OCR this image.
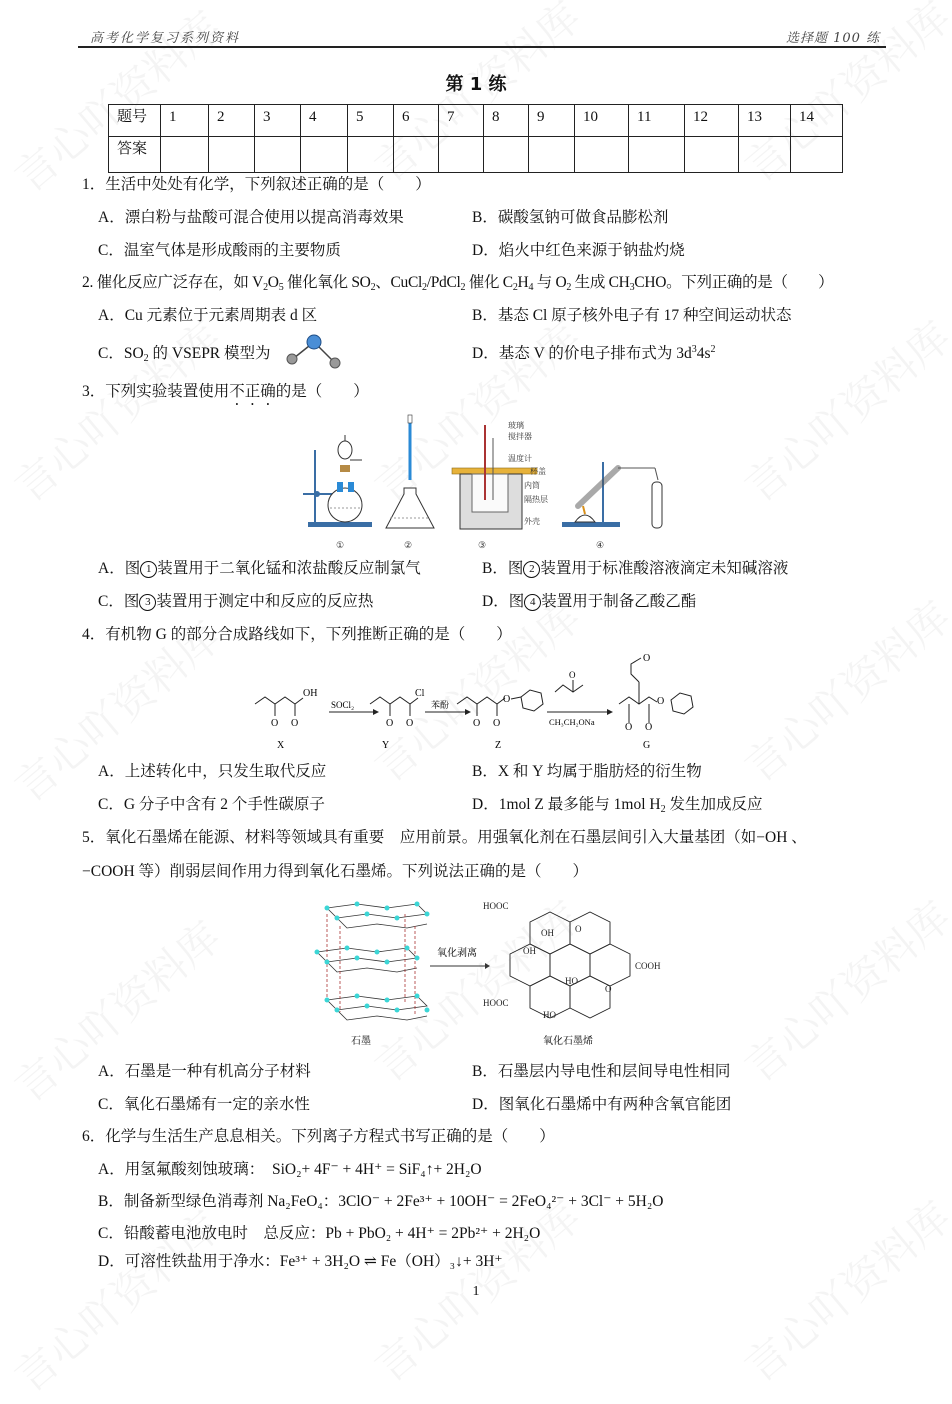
高考化学复习系列资料	选择题 100 练
第 1 练
题号	1	2	3	4	5	6	7	8	9	10	11	12	13	14
答案														
1．生活中处处有化学，下列叙述正确的是（　　）
A．漂白粉与盐酸可混合使用以提高消毒效果	B．碳酸氢钠可做食品膨松剂
C．温室气体是形成酸雨的主要物质	D．焰火中红色来源于钠盐灼烧
2. 催化反应广泛存在，如 $V_2O_5$ 催化氧化 $SO_2$、CuCl$_2$/PdCl$_2$ 催化 $C_2H_4$ 与 $O_2$ 生成 $CH_3CHO$。下列正确的是（　　）
A．Cu 元素位于元素周期表 d 区	B．基态 Cl 原子核外电子有 17 种空间运动状态
C．$SO_2$ 的 VSEPR 模型为	D．基态 V 的价电子排布式为 $3d^34s^2$
3．下列实验装置使用不正确的是（　　）
①	②	③
玻璃
搅拌器
温度计
杯盖
内筒
隔热层
外壳
④
A．图 1 装置用于二氧化锰和浓盐酸反应制氯气	B．图 2 装置用于标准酸溶液滴定未知碱溶液
C．图 3 装置用于测定中和反应的反应热	D．图 4 装置用于制备乙酸乙酯
4．有机物 G 的部分合成路线如下，下列推断正确的是（　　）
O O
OH
X
SOCl₂
O O
Cl
Y
苯酚
O O
O
Z
O
CH₃CH₂ONa
O
O O
O
G
A．上述转化中，只发生取代反应	B．X 和 Y 均属于脂肪烃的衍生物
C．G 分子中含有 2 个手性碳原子	D．1mol Z 最多能与 1mol $H_2$ 发生加成反应
5．氧化石墨烯在能源、材料等领域具有重要　应用前景。用强氧化剂在石墨层间引入大量基团（如−OH 、
−COOH 等）削弱层间作用力得到氧化石墨烯。下列说法正确的是（　　）
石墨
氧化剥离
HOOC
OH O
OH
COOH
HO
O
HOOC
HO
氧化石墨烯
A．石墨是一种有机高分子材料	B．石墨层内导电性和层间导电性相同
C．氧化石墨烯有一定的亲水性	D．图氧化石墨烯中有两种含氧官能团
6．化学与生活生产息息相关。下列离子方程式书写正确的是（　　）
A．用氢氟酸刻蚀玻璃：　SiO₂+ 4F⁻ + 4H⁺ = SiF₄↑+ 2H₂O
B．制备新型绿色消毒剂 Na₂FeO₄：3ClO⁻ + 2Fe³⁺ + 10OH⁻ = 2FeO₄²⁻ + 3Cl⁻ + 5H₂O
C．铅酸蓄电池放电时　总反应：Pb + PbO₂ + 4H⁺ = 2Pb²⁺ + 2H₂O
D．可溶性铁盐用于净水：Fe³⁺ + 3H₂O ⇌ Fe（OH）₃↓+ 3H⁺
1
